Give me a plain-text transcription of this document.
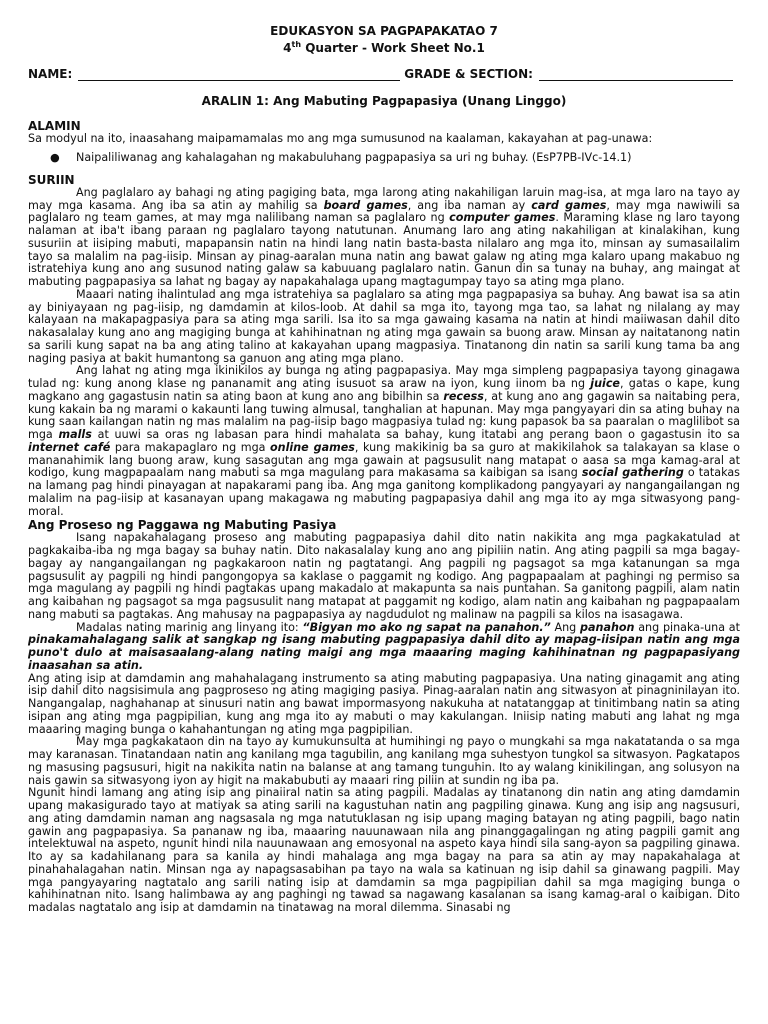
EDUKASYON SA PAGPAPAKATAO 7
4th Quarter - Work Sheet No.1
NAME:	GRADE & SECTION:
ARALIN 1: Ang Mabuting Pagpapasiya (Unang Linggo)
ALAMIN

Sa modyul na ito, inaasahang maipamamalas mo ang mga sumusunod na kaalaman, kakayahan at pag-unawa:

●	Naipaliliwanag ang kahalagahan ng makabuluhang pagpapasiya sa uri ng buhay. (EsP7PB-IVc-14.1)
SURIIN

Ang paglalaro ay bahagi ng ating pagiging bata, mga larong ating nakahiligan laruin mag-isa, at mga laro na tayo ay may mga kasama. Ang iba sa atin ay mahilig sa board games, ang iba naman ay card games, may mga nawiwili sa paglalaro ng team games, at may mga nalilibang naman sa paglalaro ng computer games. Maraming klase ng laro tayong nalaman at iba't ibang paraan ng paglalaro tayong natutunan. Anumang laro ang ating nakahiligan at kinalakihan, kung susuriin at iisiping mabuti, mapapansin natin na hindi lang natin basta-basta nilalaro ang mga ito, minsan ay sumasailalim tayo sa malalim na pag-iisip. Minsan ay pinag-aaralan muna natin ang bawat galaw ng ating mga kalaro upang makabuo ng istratehiya kung ano ang susunod nating galaw sa kabuuang paglalaro natin. Ganun din sa tunay na buhay, ang maingat at mabuting pagpapasiya sa lahat ng bagay ay napakahalaga upang magtagumpay tayo sa ating mga plano.

Maaari nating ihalintulad ang mga istratehiya sa paglalaro sa ating mga pagpapasiya sa buhay. Ang bawat isa sa atin ay biniyayaan ng pag-iisip, ng damdamin at kilos-loob. At dahil sa mga ito, tayong mga tao, sa lahat ng nilalang ay may kalayaan na makapagpasiya para sa ating mga sarili. Isa ito sa mga gawaing kasama na natin at hindi maiiwasan dahil dito nakasalalay kung ano ang magiging bunga at kahihinatnan ng ating mga gawain sa buong araw. Minsan ay naitatanong natin sa sarili kung sapat na ba ang ating talino at kakayahan upang magpasiya. Tinatanong din natin sa sarili kung tama ba ang naging pasiya at bakit humantong sa ganuon ang ating mga plano.

Ang lahat ng ating mga ikinikilos ay bunga ng ating pagpapasiya. May mga simpleng pagpapasiya tayong ginagawa tulad ng: kung anong klase ng pananamit ang ating isusuot sa araw na iyon, kung iinom ba ng juice, gatas o kape, kung magkano ang gagastusin natin sa ating baon at kung ano ang bibilhin sa recess, at kung ano ang gagawin sa naitabing pera, kung kakain ba ng marami o kakaunti lang tuwing almusal, tanghalian at hapunan. May mga pangyayari din sa ating buhay na kung saan kailangan natin ng mas malalim na pag-iisip bago magpasiya tulad ng: kung papasok ba sa paaralan o maglilibot sa mga malls at uuwi sa oras ng labasan para hindi mahalata sa bahay, kung itatabi ang perang baon o gagastusin ito sa internet café para makapaglaro ng mga online games, kung makikinig ba sa guro at makikilahok sa talakayan sa klase o mananahimik lang buong araw, kung sasagutan ang mga gawain at pagsusulit nang matapat o aasa sa mga kamag-aral at kodigo, kung magpapaalam nang mabuti sa mga magulang para makasama sa kaibigan sa isang social gathering o tatakas na lamang pag hindi pinayagan at napakarami pang iba. Ang mga ganitong komplikadong pangyayari ay nangangailangan ng malalim na pag-iisip at kasanayan upang makagawa ng mabuting pagpapasiya dahil ang mga ito ay mga sitwasyong pang-moral.

Ang Proseso ng Paggawa ng Mabuting Pasiya

Isang napakahalagang proseso ang mabuting pagpapasiya dahil dito natin nakikita ang mga pagkakatulad at pagkakaiba-iba ng mga bagay sa buhay natin. Dito nakasalalay kung ano ang pipiliin natin. Ang ating pagpili sa mga bagay-bagay ay nangangailangan ng pagkakaroon natin ng pagtatangi. Ang pagpili ng pagsagot sa mga katanungan sa mga pagsusulit ay pagpili ng hindi pangongopya sa kaklase o paggamit ng kodigo. Ang pagpapaalam at paghingi ng permiso sa mga magulang ay pagpili ng hindi pagtakas upang makadalo at makapunta sa nais puntahan. Sa ganitong pagpili, alam natin ang kaibahan ng pagsagot sa mga pagsusulit nang matapat at paggamit ng kodigo, alam natin ang kaibahan ng pagpapaalam nang mabuti sa pagtakas. Ang mahusay na pagpapasiya ay nagdudulot ng malinaw na pagpili sa kilos na isasagawa.

Madalas nating marinig ang linyang ito: “Bigyan mo ako ng sapat na panahon.” Ang panahon ang pinaka-una at pinakamahalagang salik at sangkap ng isang mabuting pagpapasiya dahil dito ay mapag-iisipan natin ang mga puno't dulo at maisasaalang-alang nating maigi ang mga maaaring maging kahihinatnan ng pagpapasiyang inaasahan sa atin.

Ang ating isip at damdamin ang mahahalagang instrumento sa ating mabuting pagpapasiya. Una nating ginagamit ang ating isip dahil dito nagsisimula ang pagproseso ng ating magiging pasiya. Pinag-aaralan natin ang sitwasyon at pinagninilayan ito. Nangangalap, naghahanap at sinusuri natin ang bawat impormasyong nakukuha at natatanggap at tinitimbang natin sa ating isipan ang ating mga pagpipilian, kung ang mga ito ay mabuti o may kakulangan. Iniisip nating mabuti ang lahat ng mga maaaring maging bunga o kahahantungan ng ating mga pagpipilian.

May mga pagkakataon din na tayo ay kumukunsulta at humihingi ng payo o mungkahi sa mga nakatatanda o sa mga may karanasan. Tinatandaan natin ang kanilang mga tagubilin, ang kanilang mga suhestyon tungkol sa sitwasyon. Pagkatapos ng masusing pagsusuri, higit na nakikita natin na balanse at ang tamang tunguhin. Ito ay walang kinikilingan, ang solusyon na nais gawin sa sitwasyong iyon ay higit na makabubuti ay maaari ring piliin at sundin ng iba pa.

Ngunit hindi lamang ang ating isip ang pinaiiral natin sa ating pagpili. Madalas ay tinatanong din natin ang ating damdamin upang makasigurado tayo at matiyak sa ating sarili na kagustuhan natin ang pagpiling ginawa. Kung ang isip ang nagsusuri, ang ating damdamin naman ang nagsasala ng mga natutuklasan ng isip upang maging batayan ng ating pagpili, bago natin gawin ang pagpapasiya. Sa pananaw ng iba, maaaring nauunawaan nila ang pinanggagalingan ng ating pagpili gamit ang intelektuwal na aspeto, ngunit hindi nila nauunawaan ang emosyonal na aspeto kaya hindi sila sang-ayon sa pagpiling ginawa. Ito ay sa kadahilanang para sa kanila ay hindi mahalaga ang mga bagay na para sa atin ay may napakahalaga at pinahahalagahan natin. Minsan nga ay napagsasabihan pa tayo na wala sa katinuan ng isip dahil sa ginawang pagpili. May mga pangyayaring nagtatalo ang sarili nating isip at damdamin sa mga pagpipilian dahil sa mga magiging bunga o kahihinatnan nito. Isang halimbawa ay ang paghingi ng tawad sa nagawang kasalanan sa isang kamag-aral o kaibigan. Dito madalas nagtatalo ang isip at damdamin na tinatawag na moral dilemma. Sinasabi ng
